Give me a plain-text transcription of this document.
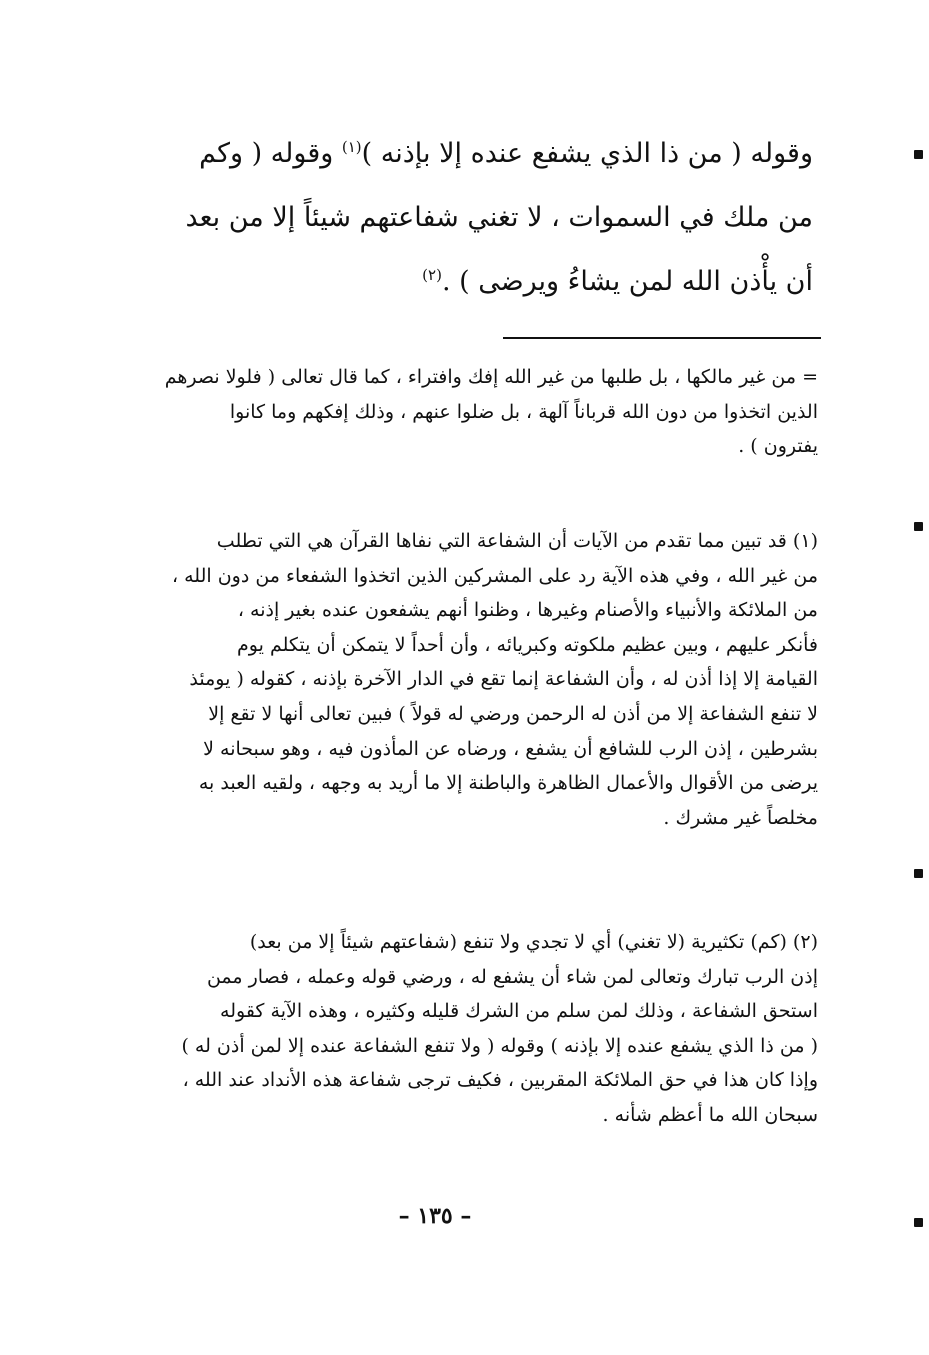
وقوله ( من ذا الذي يشفع عنده إلا بإذنه )$^{(١)}$ وقوله ( وكم
من ملك في السموات ، لا تغني شفاعتهم شيئاً إلا من بعد
أن يأْذن الله لمن يشاءُ ويرضى ) .$^{(٢)}$
= من غير مالكها ، بل طلبها من غير الله إفك وافتراء ، كما قال تعالى ( فلولا نصرهم
الذين اتخذوا من دون الله قرباناً آلهة ، بل ضلوا عنهم ، وذلك إفكهم وما كانوا
يفترون ) .
(١) قد تبين مما تقدم من الآيات أن الشفاعة التي نفاها القرآن هي التي تطلب
من غير الله ، وفي هذه الآية رد على المشركين الذين اتخذوا الشفعاء من دون الله ،
من الملائكة والأنبياء والأصنام وغيرها ، وظنوا أنهم يشفعون عنده بغير إذنه ،
فأنكر عليهم ، وبين عظيم ملكوته وكبريائه ، وأن أحداً لا يتمكن أن يتكلم يوم
القيامة إلا إذا أذن له ، وأن الشفاعة إنما تقع في الدار الآخرة بإذنه ، كقوله ( يومئذ
لا تنفع الشفاعة إلا من أذن له الرحمن ورضي له قولاً ) فبين تعالى أنها لا تقع إلا
بشرطين ، إذن الرب للشافع أن يشفع ، ورضاه عن المأذون فيه ، وهو سبحانه لا
يرضى من الأقوال والأعمال الظاهرة والباطنة إلا ما أريد به وجهه ، ولقيه العبد به
مخلصاً غير مشرك .
(٢) (كم) تكثيرية (لا تغني) أي لا تجدي ولا تنفع (شفاعتهم شيئاً إلا من بعد)
إذن الرب تبارك وتعالى لمن شاء أن يشفع له ، ورضي قوله وعمله ، فصار ممن
استحق الشفاعة ، وذلك لمن سلم من الشرك قليله وكثيره ، وهذه الآية كقوله
( من ذا الذي يشفع عنده إلا بإذنه ) وقوله ( ولا تنفع الشفاعة عنده إلا لمن أذن له )
وإذا كان هذا في حق الملائكة المقربين ، فكيف ترجى شفاعة هذه الأنداد عند الله ،
سبحان الله ما أعظم شأنه .
– ١٣٥ –
